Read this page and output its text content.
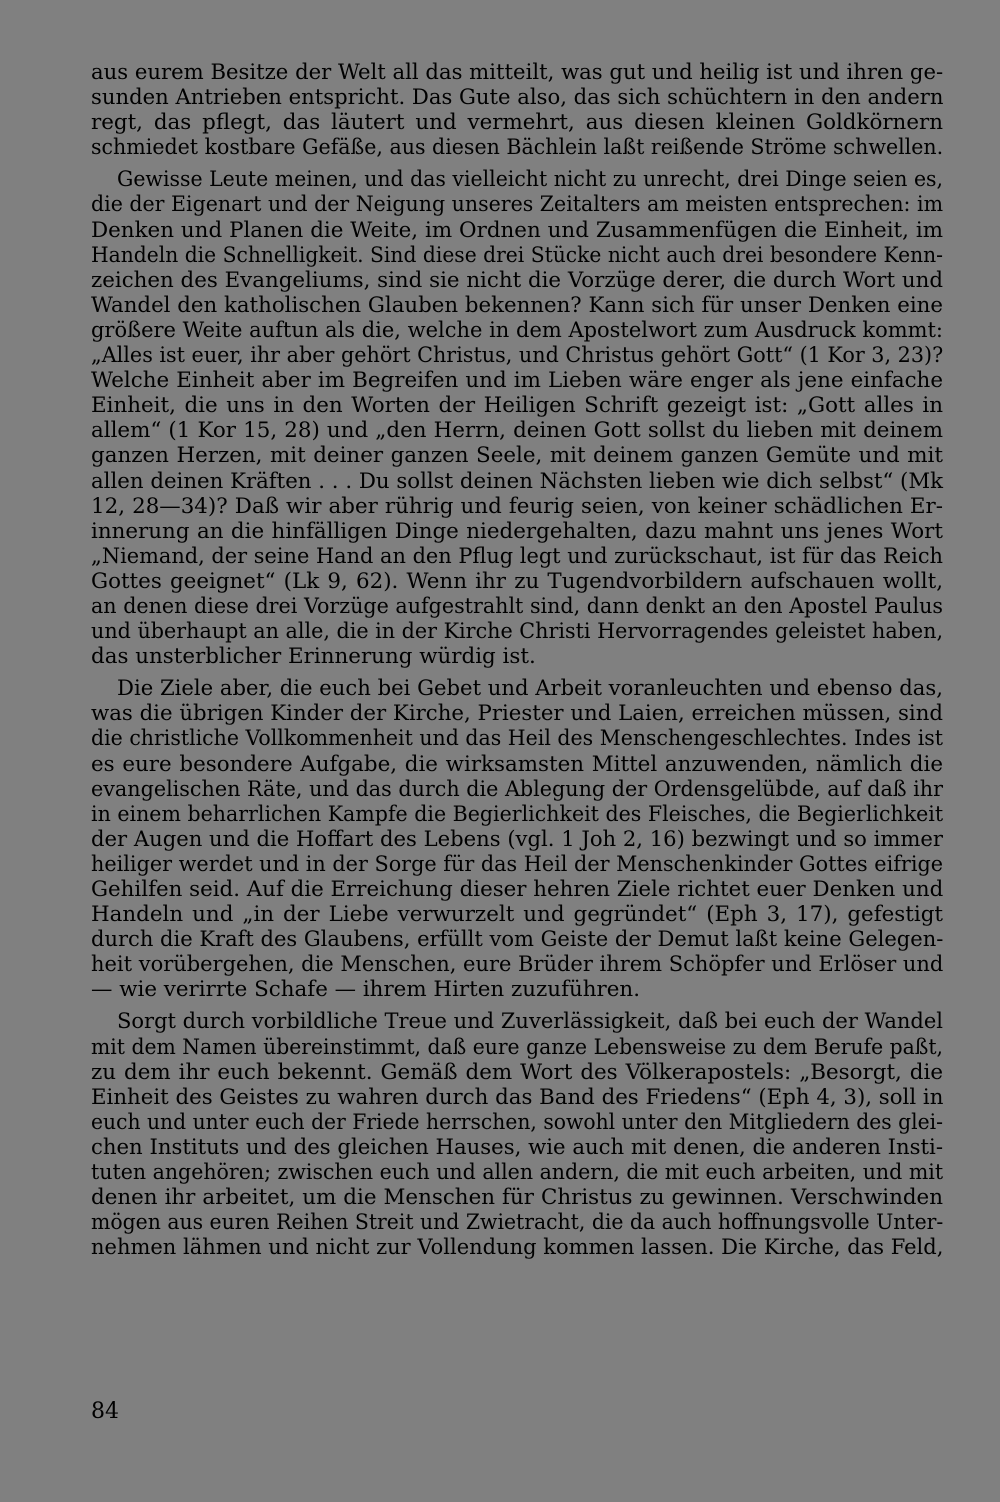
aus eurem Besitze der Welt all das mitteilt, was gut und heilig ist und ihren ge-
sunden Antrieben entspricht. Das Gute also, das sich schüchtern in den andern
regt, das pflegt, das läutert und vermehrt, aus diesen kleinen Goldkörnern
schmiedet kostbare Gefäße, aus diesen Bächlein laßt reißende Ströme schwellen.

Gewisse Leute meinen, und das vielleicht nicht zu unrecht, drei Dinge seien es,
die der Eigenart und der Neigung unseres Zeitalters am meisten entsprechen: im
Denken und Planen die Weite, im Ordnen und Zusammenfügen die Einheit, im
Handeln die Schnelligkeit. Sind diese drei Stücke nicht auch drei besondere Kenn-
zeichen des Evangeliums, sind sie nicht die Vorzüge derer, die durch Wort und
Wandel den katholischen Glauben bekennen? Kann sich für unser Denken eine
größere Weite auftun als die, welche in dem Apostelwort zum Ausdruck kommt:
„Alles ist euer, ihr aber gehört Christus, und Christus gehört Gott“ (1 Kor 3, 23)?
Welche Einheit aber im Begreifen und im Lieben wäre enger als jene einfache
Einheit, die uns in den Worten der Heiligen Schrift gezeigt ist: „Gott alles in
allem“ (1 Kor 15, 28) und „den Herrn, deinen Gott sollst du lieben mit deinem
ganzen Herzen, mit deiner ganzen Seele, mit deinem ganzen Gemüte und mit
allen deinen Kräften . . . Du sollst deinen Nächsten lieben wie dich selbst“ (Mk
12, 28—34)? Daß wir aber rührig und feurig seien, von keiner schädlichen Er-
innerung an die hinfälligen Dinge niedergehalten, dazu mahnt uns jenes Wort
„Niemand, der seine Hand an den Pflug legt und zurückschaut, ist für das Reich
Gottes geeignet“ (Lk 9, 62). Wenn ihr zu Tugendvorbildern aufschauen wollt,
an denen diese drei Vorzüge aufgestrahlt sind, dann denkt an den Apostel Paulus
und überhaupt an alle, die in der Kirche Christi Hervorragendes geleistet haben,
das unsterblicher Erinnerung würdig ist.

Die Ziele aber, die euch bei Gebet und Arbeit voranleuchten und ebenso das,
was die übrigen Kinder der Kirche, Priester und Laien, erreichen müssen, sind
die christliche Vollkommenheit und das Heil des Menschengeschlechtes. Indes ist
es eure besondere Aufgabe, die wirksamsten Mittel anzuwenden, nämlich die
evangelischen Räte, und das durch die Ablegung der Ordensgelübde, auf daß ihr
in einem beharrlichen Kampfe die Begierlichkeit des Fleisches, die Begierlichkeit
der Augen und die Hoffart des Lebens (vgl. 1 Joh 2, 16) bezwingt und so immer
heiliger werdet und in der Sorge für das Heil der Menschenkinder Gottes eifrige
Gehilfen seid. Auf die Erreichung dieser hehren Ziele richtet euer Denken und
Handeln und „in der Liebe verwurzelt und gegründet“ (Eph 3, 17), gefestigt
durch die Kraft des Glaubens, erfüllt vom Geiste der Demut laßt keine Gelegen-
heit vorübergehen, die Menschen, eure Brüder ihrem Schöpfer und Erlöser und
— wie verirrte Schafe — ihrem Hirten zuzuführen.

Sorgt durch vorbildliche Treue und Zuverlässigkeit, daß bei euch der Wandel
mit dem Namen übereinstimmt, daß eure ganze Lebensweise zu dem Berufe paßt,
zu dem ihr euch bekennt. Gemäß dem Wort des Völkerapostels: „Besorgt, die
Einheit des Geistes zu wahren durch das Band des Friedens“ (Eph 4, 3), soll in
euch und unter euch der Friede herrschen, sowohl unter den Mitgliedern des glei-
chen Instituts und des gleichen Hauses, wie auch mit denen, die anderen Insti-
tuten angehören; zwischen euch und allen andern, die mit euch arbeiten, und mit
denen ihr arbeitet, um die Menschen für Christus zu gewinnen. Verschwinden
mögen aus euren Reihen Streit und Zwietracht, die da auch hoffnungsvolle Unter-
nehmen lähmen und nicht zur Vollendung kommen lassen. Die Kirche, das Feld,

84
